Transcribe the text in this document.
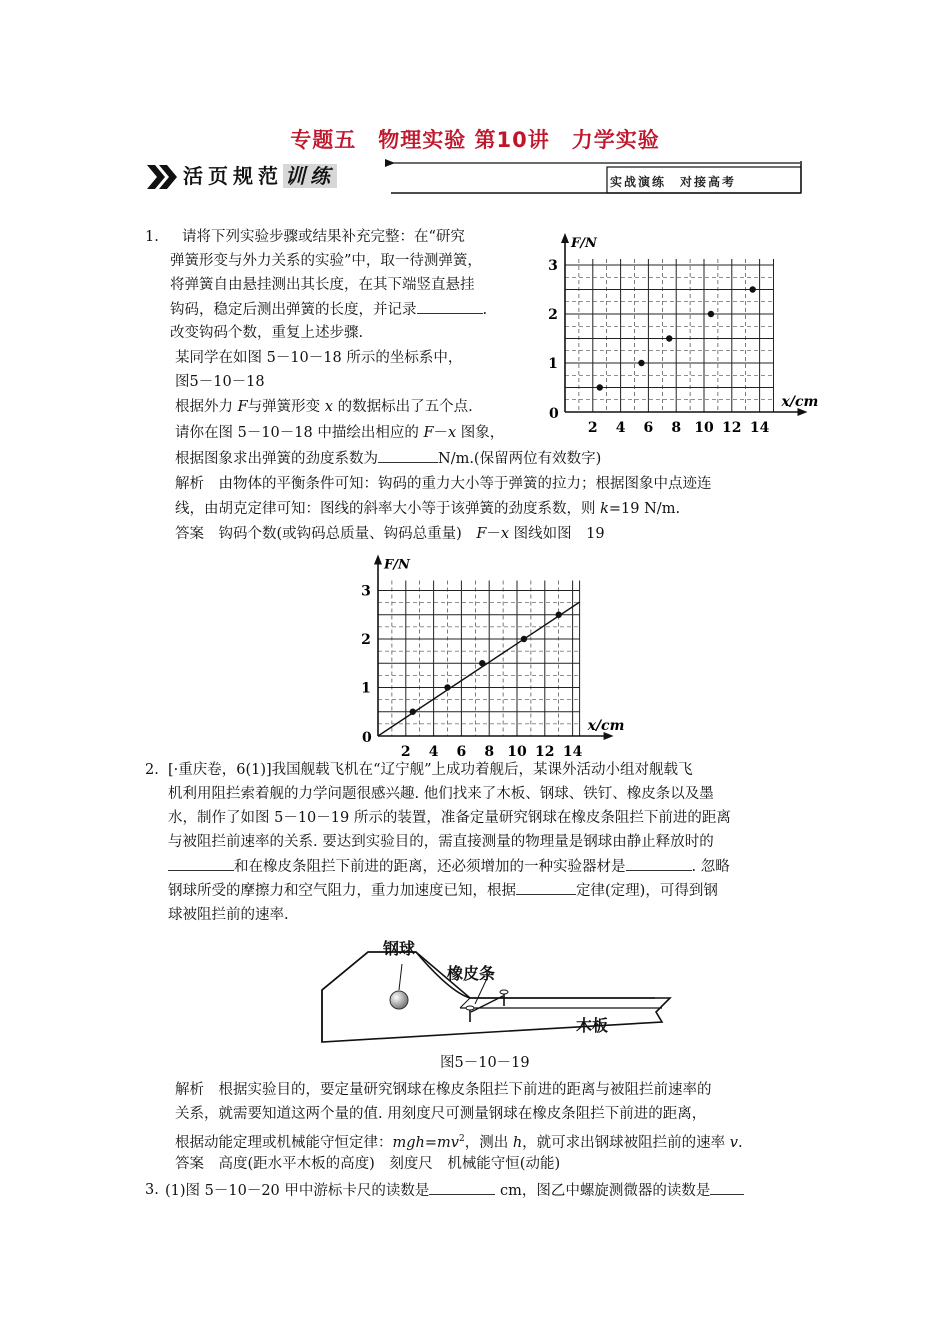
专题五　物理实验 第10讲　力学实验
活页规范 训练	实战演练　对接高考
1. 请将下列实验步骤或结果补充完整：在“研究
弹簧形变与外力关系的实验”中，取一待测弹簧，
将弹簧自由悬挂测出其长度，在其下端竖直悬挂
钩码，稳定后测出弹簧的长度，并记录	.
改变钩码个数，重复上述步骤.
某同学在如图 5－10－18 所示的坐标系中，
图5－10－18
根据外力 F与弹簧形变 x 的数据标出了五个点.
请你在图 5－10－18 中描绘出相应的 F－x 图象，
根据图象求出弹簧的劲度系数为	N/m.(保留两位有效数字)
解析　 由物体的平衡条件可知：钩码的重力大小等于弹簧的拉力；根据图象中点迹连
线，由胡克定律可知：图线的斜率大小等于该弹簧的劲度系数，则 k=19 N/m.
答案　 钩码个数(或钩码总质量、钩码总重量)　F－x 图线如图　19
2 4 6 8 10 12 14
1
2
3
0
x/cm
F/N
2 4 6 8 10 12 14
1
2
3
0
x/cm
F/N
2. [·重庆卷，6(1)]我国舰载飞机在“辽宁舰”上成功着舰后，某课外活动小组对舰载飞
机利用阻拦索着舰的力学问题很感兴趣. 他们找来了木板、钢球、铁钉、橡皮条以及墨
水，制作了如图 5－10－19 所示的装置，准备定量研究钢球在橡皮条阻拦下前进的距离
与被阻拦前速率的关系. 要达到实验目的，需直接测量的物理量是钢球由静止释放时的
和在橡皮条阻拦下前进的距离，还必须增加的一种实验器材是	. 忽略
钢球所受的摩擦力和空气阻力，重力加速度已知，根据	定律(定理)，可得到钢
球被阻拦前的速率.
钢球
橡皮条
木板
图5－10－19
解析　 根据实验目的，要定量研究钢球在橡皮条阻拦下前进的距离与被阻拦前速率的
关系，就需要知道这两个量的值. 用刻度尺可测量钢球在橡皮条阻拦下前进的距离，
根据动能定理或机械能守恒定律：$mgh=mv^2$，测出 h，就可求出钢球被阻拦前的速率 v.
答案　 高度(距水平木板的高度)　刻度尺　机械能守恒(动能)
3. (1)图 5－10－20 甲中游标卡尺的读数是	cm，图乙中螺旋测微器的读数是
